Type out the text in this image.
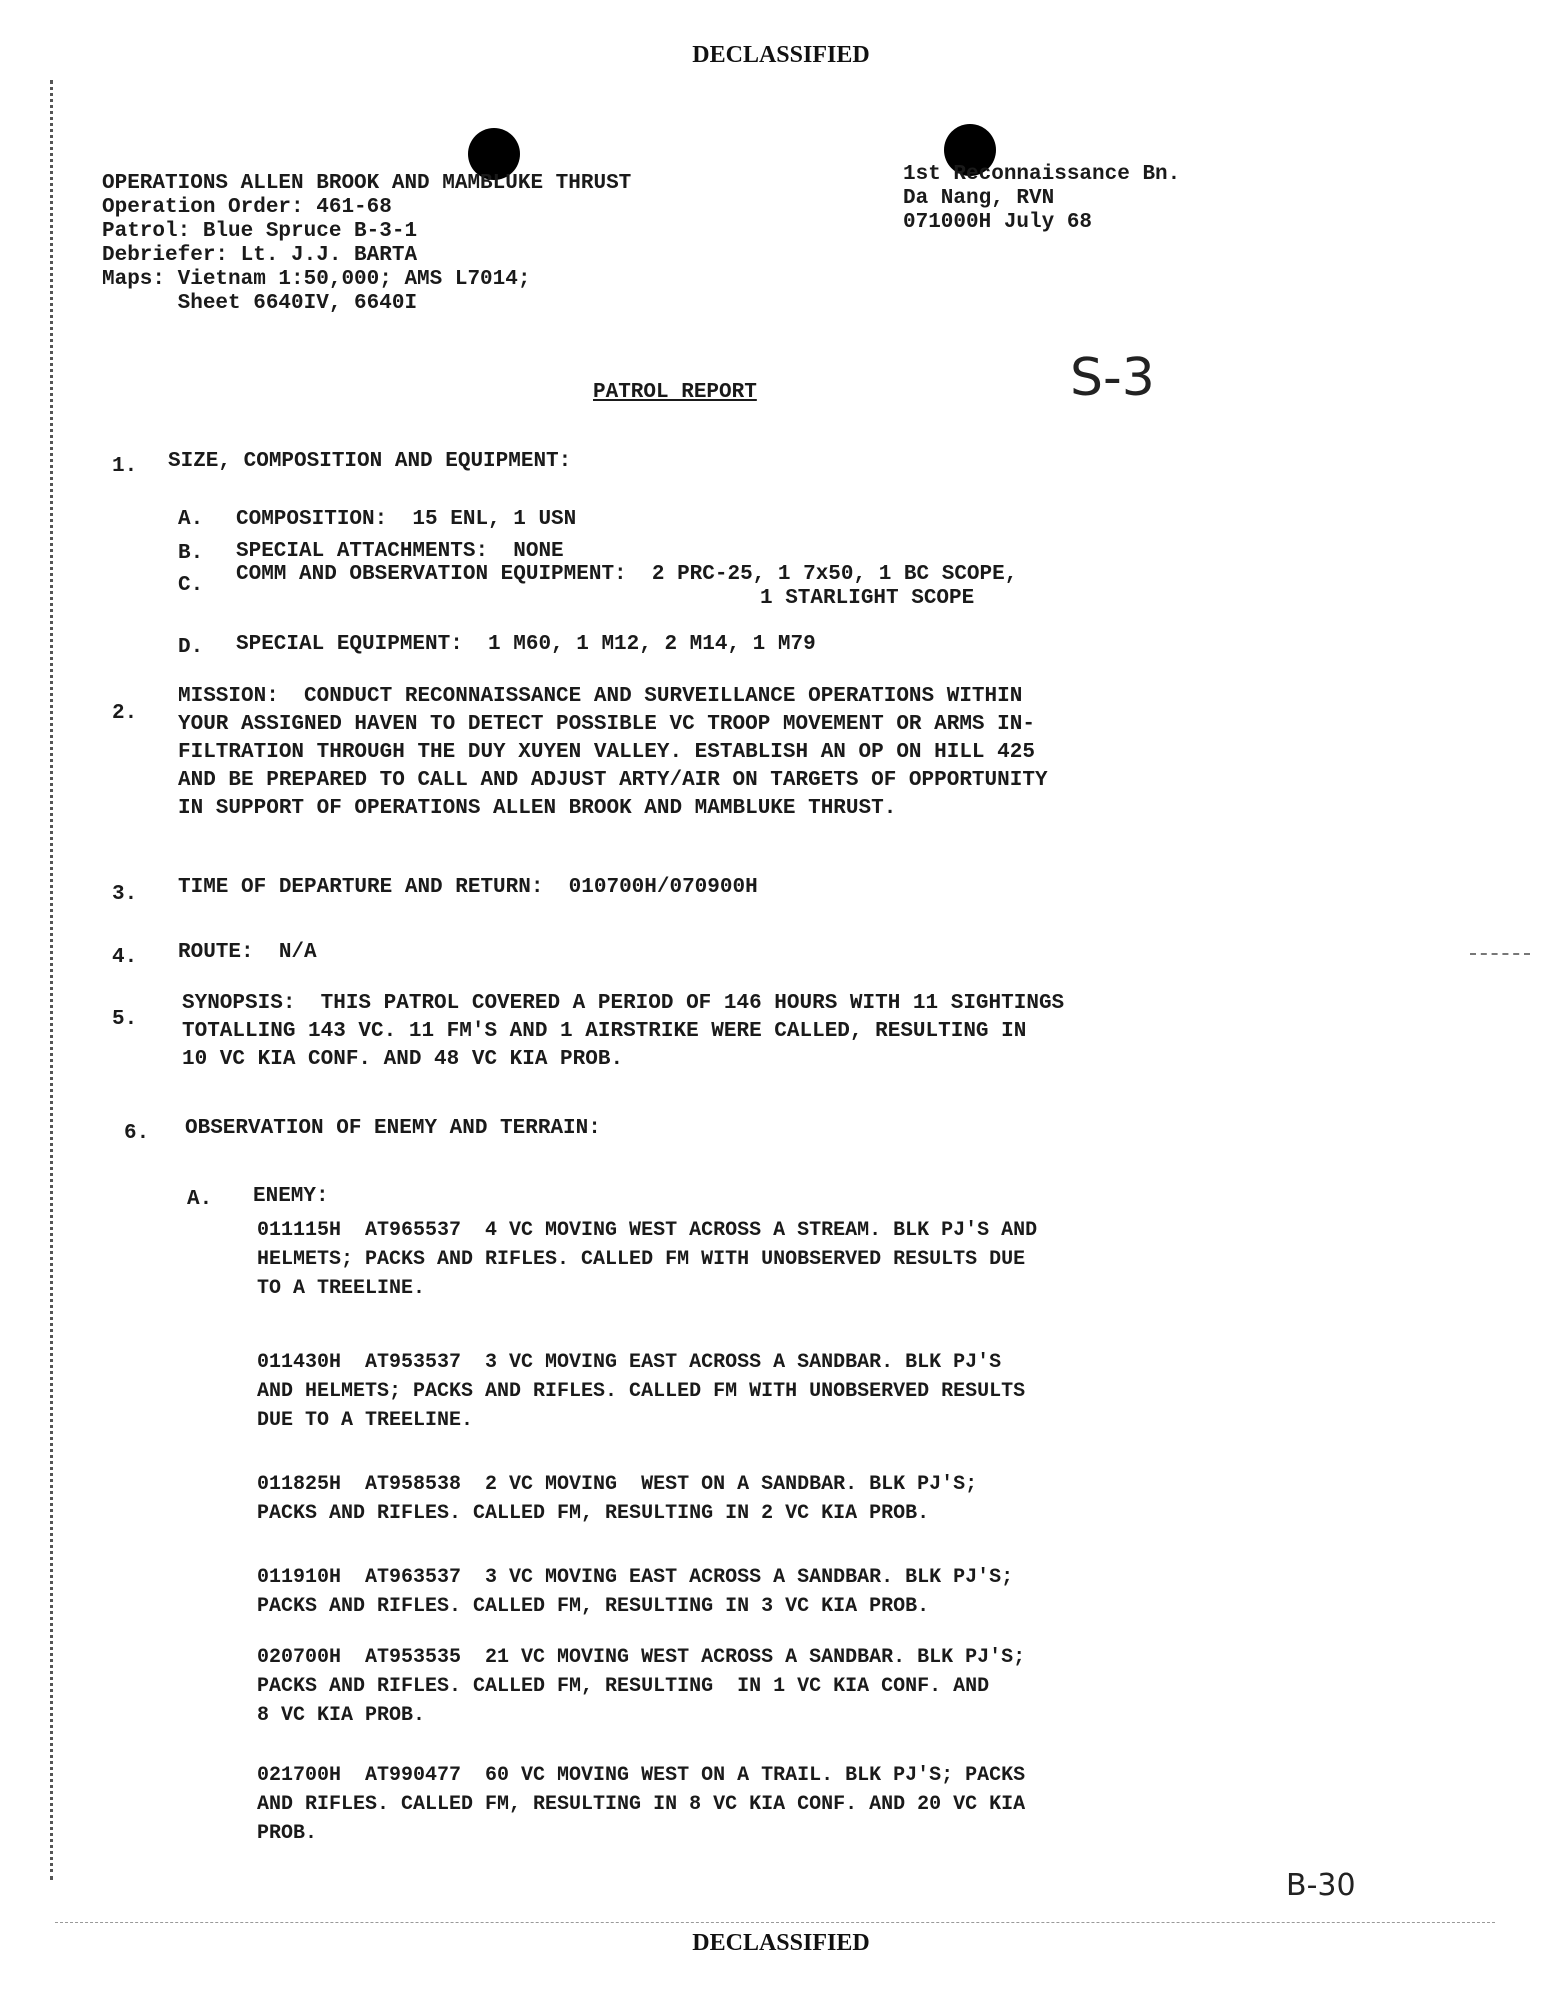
DECLASSIFIED
OPERATIONS ALLEN BROOK AND MAMBLUKE THRUST
Operation Order: 461-68
Patrol: Blue Spruce B-3-1
Debriefer: Lt. J.J. BARTA
Maps: Vietnam 1:50,000; AMS L7014;
Sheet 6640IV, 6640I
1st Reconnaissance Bn.
Da Nang, RVN
071000H July 68
S-3
PATROL REPORT
1. SIZE, COMPOSITION AND EQUIPMENT:
A. COMPOSITION:  15 ENL, 1 USN
B. SPECIAL ATTACHMENTS:  NONE
C. COMM AND OBSERVATION EQUIPMENT:  2 PRC-25, 1 7x50, 1 BC SCOPE,
1 STARLIGHT SCOPE
D. SPECIAL EQUIPMENT:  1 M60, 1 M12, 2 M14, 1 M79
2.
MISSION:  CONDUCT RECONNAISSANCE AND SURVEILLANCE OPERATIONS WITHIN
YOUR ASSIGNED HAVEN TO DETECT POSSIBLE VC TROOP MOVEMENT OR ARMS IN-
FILTRATION THROUGH THE DUY XUYEN VALLEY. ESTABLISH AN OP ON HILL 425
AND BE PREPARED TO CALL AND ADJUST ARTY/AIR ON TARGETS OF OPPORTUNITY
IN SUPPORT OF OPERATIONS ALLEN BROOK AND MAMBLUKE THRUST.
3. TIME OF DEPARTURE AND RETURN:  010700H/070900H
4. ROUTE:  N/A
5.
SYNOPSIS:  THIS PATROL COVERED A PERIOD OF 146 HOURS WITH 11 SIGHTINGS
TOTALLING 143 VC. 11 FM'S AND 1 AIRSTRIKE WERE CALLED, RESULTING IN
10 VC KIA CONF. AND 48 VC KIA PROB.
6. OBSERVATION OF ENEMY AND TERRAIN:
A. ENEMY:
011115H  AT965537  4 VC MOVING WEST ACROSS A STREAM. BLK PJ'S AND
HELMETS; PACKS AND RIFLES. CALLED FM WITH UNOBSERVED RESULTS DUE
TO A TREELINE.
011430H  AT953537  3 VC MOVING EAST ACROSS A SANDBAR. BLK PJ'S
AND HELMETS; PACKS AND RIFLES. CALLED FM WITH UNOBSERVED RESULTS
DUE TO A TREELINE.
011825H  AT958538  2 VC MOVING  WEST ON A SANDBAR. BLK PJ'S;
PACKS AND RIFLES. CALLED FM, RESULTING IN 2 VC KIA PROB.
011910H  AT963537  3 VC MOVING EAST ACROSS A SANDBAR. BLK PJ'S;
PACKS AND RIFLES. CALLED FM, RESULTING IN 3 VC KIA PROB.
020700H  AT953535  21 VC MOVING WEST ACROSS A SANDBAR. BLK PJ'S;
PACKS AND RIFLES. CALLED FM, RESULTING  IN 1 VC KIA CONF. AND
8 VC KIA PROB.
021700H  AT990477  60 VC MOVING WEST ON A TRAIL. BLK PJ'S; PACKS
AND RIFLES. CALLED FM, RESULTING IN 8 VC KIA CONF. AND 20 VC KIA
PROB.
B-30
DECLASSIFIED
